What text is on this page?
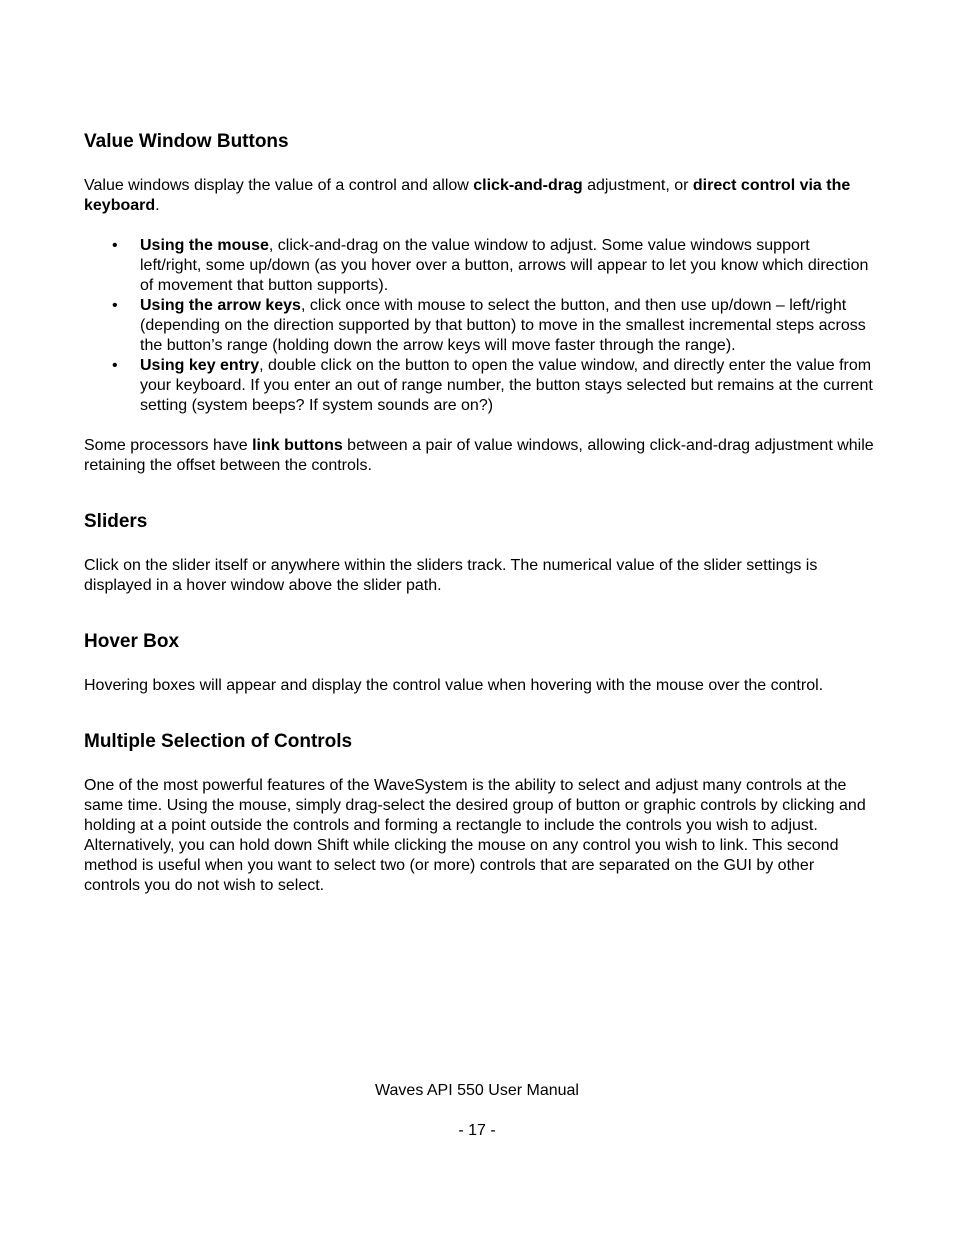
Value Window Buttons

Value windows display the value of a control and allow click-and-drag adjustment, or direct control via the keyboard.

• Using the mouse, click-and-drag on the value window to adjust. Some value windows support left/right, some up/down (as you hover over a button, arrows will appear to let you know which direction of movement that button supports).
• Using the arrow keys, click once with mouse to select the button, and then use up/down – left/right (depending on the direction supported by that button) to move in the smallest incremental steps across the button’s range (holding down the arrow keys will move faster through the range).
• Using key entry, double click on the button to open the value window, and directly enter the value from your keyboard. If you enter an out of range number, the button stays selected but remains at the current setting (system beeps? If system sounds are on?)

Some processors have link buttons between a pair of value windows, allowing click-and-drag adjustment while retaining the offset between the controls.

Sliders

Click on the slider itself or anywhere within the sliders track. The numerical value of the slider settings is displayed in a hover window above the slider path.

Hover Box

Hovering boxes will appear and display the control value when hovering with the mouse over the control.

Multiple Selection of Controls

One of the most powerful features of the WaveSystem is the ability to select and adjust many controls at the same time. Using the mouse, simply drag-select the desired group of button or graphic controls by clicking and holding at a point outside the controls and forming a rectangle to include the controls you wish to adjust. Alternatively, you can hold down Shift while clicking the mouse on any control you wish to link. This second method is useful when you want to select two (or more) controls that are separated on the GUI by other controls you do not wish to select.

Waves API 550 User Manual
- 17 -
